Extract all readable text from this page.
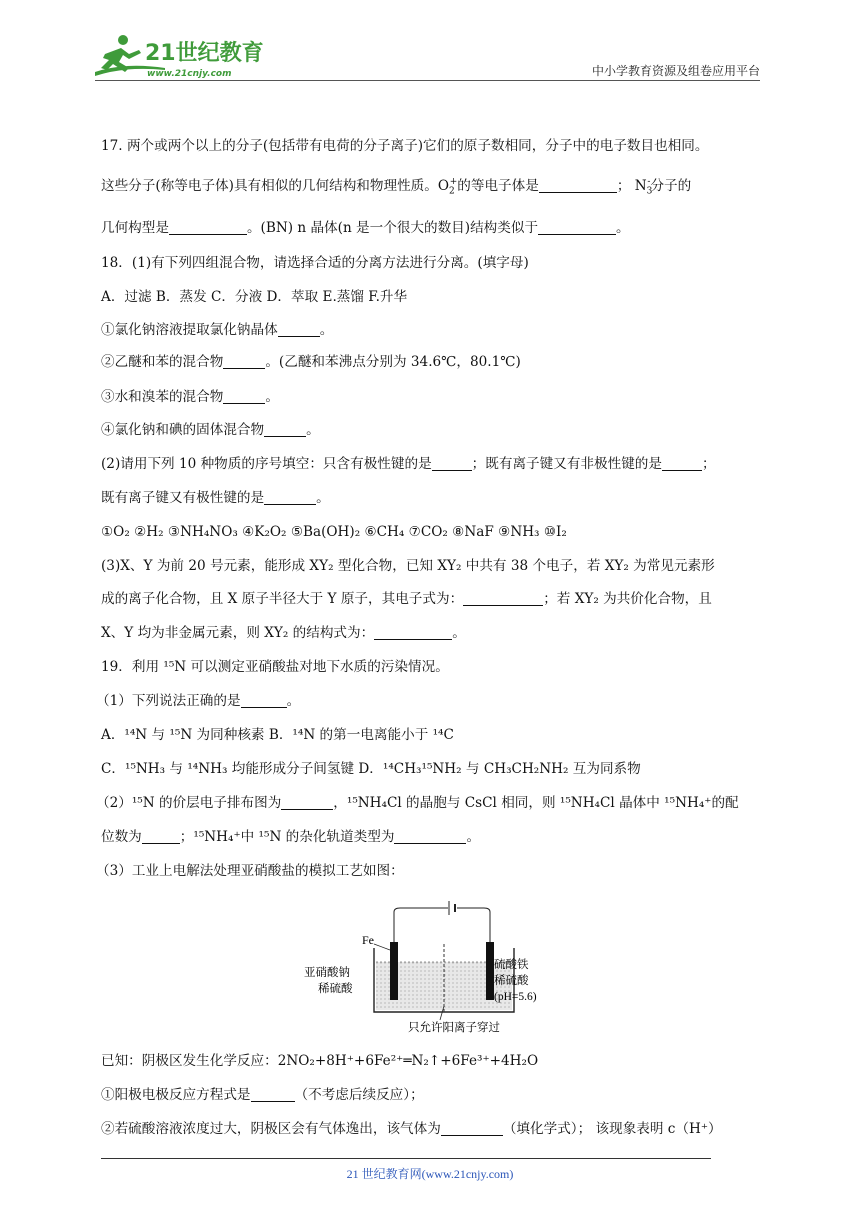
21世纪教育
www.21cnjy.com	中小学教育资源及组卷应用平台
17. 两个或两个以上的分子(包括带有电荷的分子离子)它们的原子数相同，分子中的电子数目也相同。
这些分子(称等电子体)具有相似的几何结构和物理性质。$O_2^+$的等电子体是	； $N_3^-$分子的
几何构型是	。(BN) n 晶体(n 是一个很大的数目)结构类似于	。
18．(1)有下列四组混合物，请选择合适的分离方法进行分离。(填字母)
A．过滤 B．蒸发 C．分液 D．萃取 E.蒸馏 F.升华
①氯化钠溶液提取氯化钠晶体	。
②乙醚和苯的混合物	。(乙醚和苯沸点分别为 34.6℃，80.1℃)
③水和溴苯的混合物	。
④氯化钠和碘的固体混合物	。
(2)请用下列 10 种物质的序号填空：只含有极性键的是	；既有离子键又有非极性键的是	；
既有离子键又有极性键的是	。
①O₂ ②H₂ ③NH₄NO₃ ④K₂O₂ ⑤Ba(OH)₂ ⑥CH₄ ⑦CO₂ ⑧NaF ⑨NH₃ ⑩I₂
(3)X、Y 为前 20 号元素，能形成 XY₂ 型化合物，已知 XY₂ 中共有 38 个电子，若 XY₂ 为常见元素形
成的离子化合物，且 X 原子半径大于 Y 原子，其电子式为：	；若 XY₂ 为共价化合物，且
X、Y 均为非金属元素，则 XY₂ 的结构式为：	。
19．利用 ¹⁵N 可以测定亚硝酸盐对地下水质的污染情况。
（1）下列说法正确的是	。
A．¹⁴N 与 ¹⁵N 为同种核素 B．¹⁴N 的第一电离能小于 ¹⁴C
C．¹⁵NH₃ 与 ¹⁴NH₃ 均能形成分子间氢键 D．¹⁴CH₃¹⁵NH₂ 与 CH₃CH₂NH₂ 互为同系物
（2）¹⁵N 的价层电子排布图为	，¹⁵NH₄Cl 的晶胞与 CsCl 相同，则 ¹⁵NH₄Cl 晶体中 ¹⁵NH₄⁺的配
位数为	；¹⁵NH₄⁺中 ¹⁵N 的杂化轨道类型为	。
（3）工业上电解法处理亚硝酸盐的模拟工艺如图：
已知：阴极区发生化学反应：2NO₂+8H⁺+6Fe²⁺═N₂↑+6Fe³⁺+4H₂O
①阳极电极反应方程式是	（不考虑后续反应）；
②若硫酸溶液浓度过大，阴极区会有气体逸出，该气体为	（填化学式）； 该现象表明 c（H⁺）
Fe
亚硝酸钠
稀硫酸
硫酸铁
稀硫酸
(pH=5.6)
只允许阳离子穿过
21 世纪教育网(www.21cnjy.com)
